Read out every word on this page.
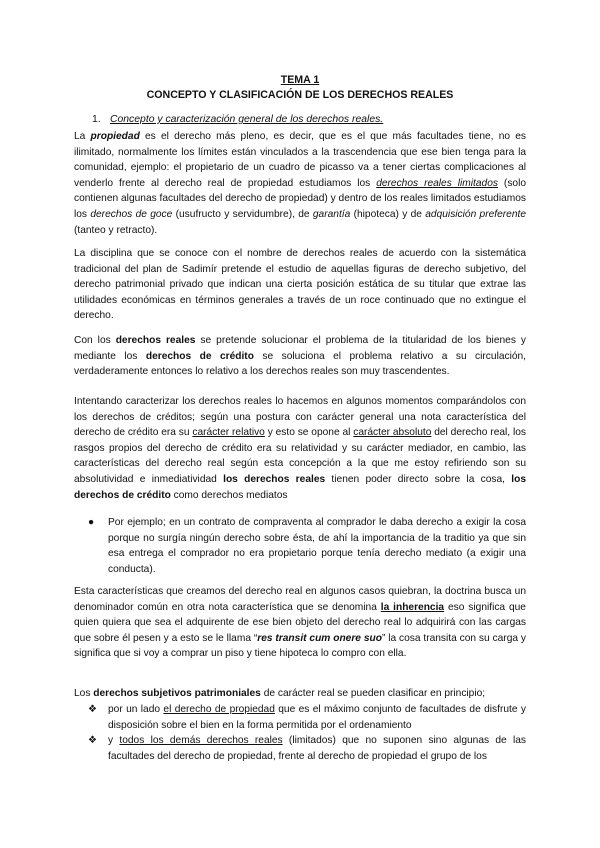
TEMA 1
CONCEPTO Y CLASIFICACIÓN DE LOS DERECHOS REALES
1. Concepto y caracterización general de los derechos reales.
La propiedad es el derecho más pleno, es decir, que es el que más facultades tiene, no es ilimitado, normalmente los límites están vinculados a la trascendencia que ese bien tenga para la comunidad, ejemplo: el propietario de un cuadro de picasso va a tener ciertas complicaciones al venderlo frente al derecho real de propiedad estudiamos los derechos reales limitados (solo contienen algunas facultades del derecho de propiedad) y dentro de los reales limitados estudiamos los derechos de goce (usufructo y servidumbre), de garantía (hipoteca) y de adquisición preferente (tanteo y retracto).
La disciplina que se conoce con el nombre de derechos reales de acuerdo con la sistemática tradicional del plan de Sadimír pretende el estudio de aquellas figuras de derecho subjetivo, del derecho patrimonial privado que indican una cierta posición estática de su titular que extrae las utilidades económicas en términos generales a través de un roce continuado que no extingue el derecho.
Con los derechos reales se pretende solucionar el problema de la titularidad de los bienes y mediante los derechos de crédito se soluciona el problema relativo a su circulación, verdaderamente entonces lo relativo a los derechos reales son muy trascendentes.
Intentando caracterizar los derechos reales lo hacemos en algunos momentos comparándolos con los derechos de créditos; según una postura con carácter general una nota característica del derecho de crédito era su carácter relativo y esto se opone al carácter absoluto del derecho real, los rasgos propios del derecho de crédito era su relatividad y su carácter mediador, en cambio, las características del derecho real según esta concepción a la que me estoy refiriendo son su absolutividad e inmediatividad los derechos reales tienen poder directo sobre la cosa, los derechos de crédito como derechos mediatos
●	Por ejemplo; en un contrato de compraventa al comprador le daba derecho a exigir la cosa porque no surgía ningún derecho sobre ésta, de ahí la importancia de la traditio ya que sin esa entrega el comprador no era propietario porque tenía derecho mediato (a exigir una conducta).
Esta características que creamos del derecho real en algunos casos quiebran, la doctrina busca un denominador común en otra nota característica que se denomina la inherencia eso significa que quien quiera que sea el adquirente de ese bien objeto del derecho real lo adquirirá con las cargas que sobre él pesen y a esto se le llama “res transit cum onere suo” la cosa transita con su carga y significa que si voy a comprar un piso y tiene hipoteca lo compro con ella.
Los derechos subjetivos patrimoniales de carácter real se pueden clasificar en principio;
❖	por un lado el derecho de propiedad que es el máximo conjunto de facultades de disfrute y disposición sobre el bien en la forma permitida por el ordenamiento
❖	y todos los demás derechos reales (limitados) que no suponen sino algunas de las facultades del derecho de propiedad, frente al derecho de propiedad el grupo de los
